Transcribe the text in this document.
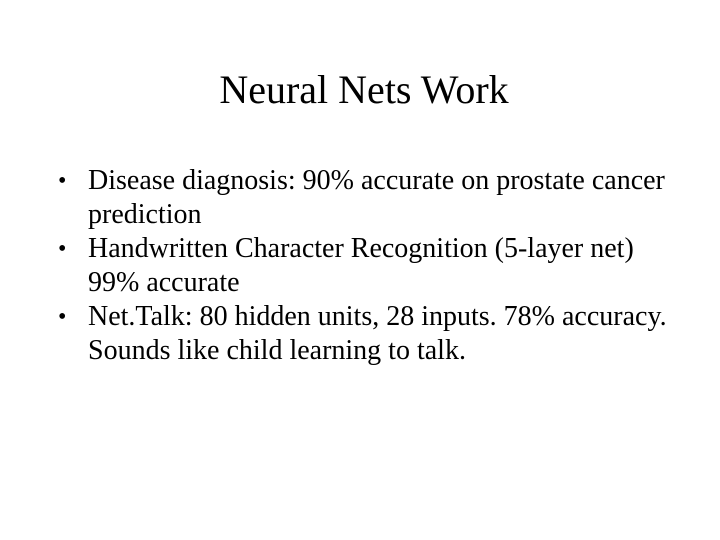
Neural Nets Work
• Disease diagnosis: 90% accurate on prostate cancer prediction
• Handwritten Character Recognition (5-layer net) 99% accurate
• Net.Talk: 80 hidden units, 28 inputs. 78% accuracy. Sounds like child learning to talk.
